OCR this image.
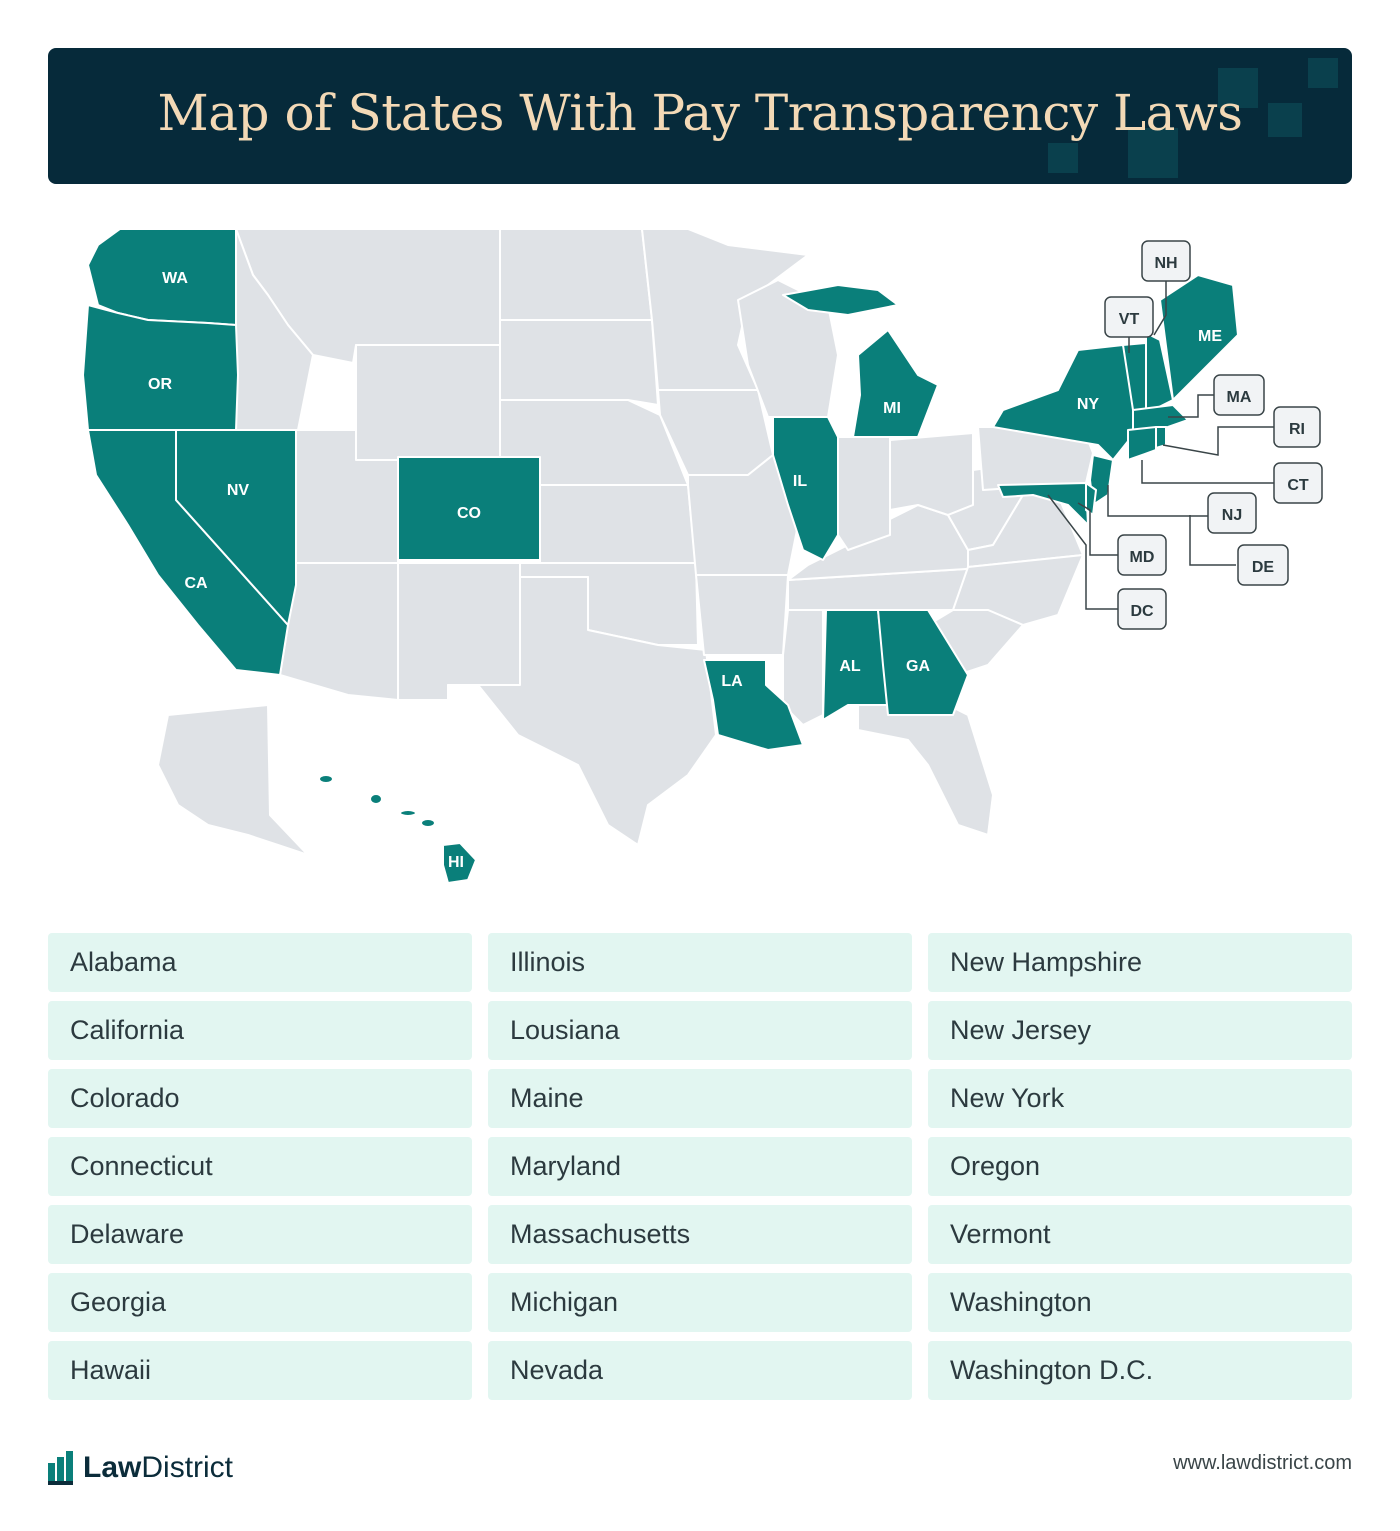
Map of States With Pay Transparency Laws
WA
OR
CA
NV
CO
IL
MI
LA
AL	GA
NY
ME
HI
NH
VT
MA
RI
CT
NJ
DE
MD
DC
Alabama	Illinois	New Hampshire
California	Lousiana	New Jersey
Colorado	Maine	New York
Connecticut	Maryland	Oregon
Delaware	Massachusetts	Vermont
Georgia	Michigan	Washington
Hawaii	Nevada	Washington D.C.
LawDistrict	www.lawdistrict.com
